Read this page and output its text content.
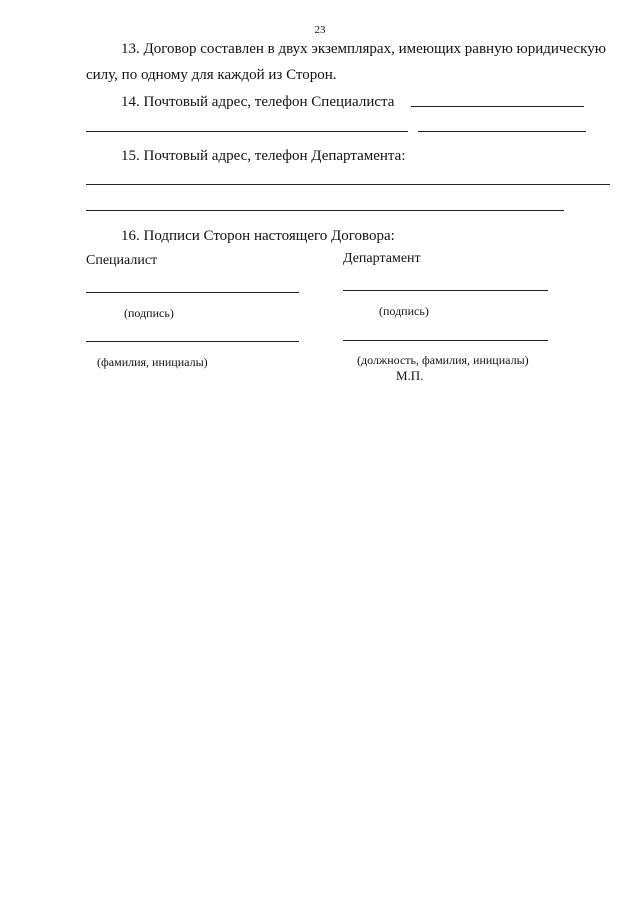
23
13. Договор составлен в двух экземплярах, имеющих равную юридическую
силу, по одному для каждой из Сторон.
14. Почтовый адрес, телефон Специалиста
15. Почтовый адрес, телефон Департамента:
16. Подписи Сторон настоящего Договора:
Специалист
(подпись)
(фамилия, инициалы)
Департамент
(подпись)
(должность, фамилия, инициалы)
М.П.
